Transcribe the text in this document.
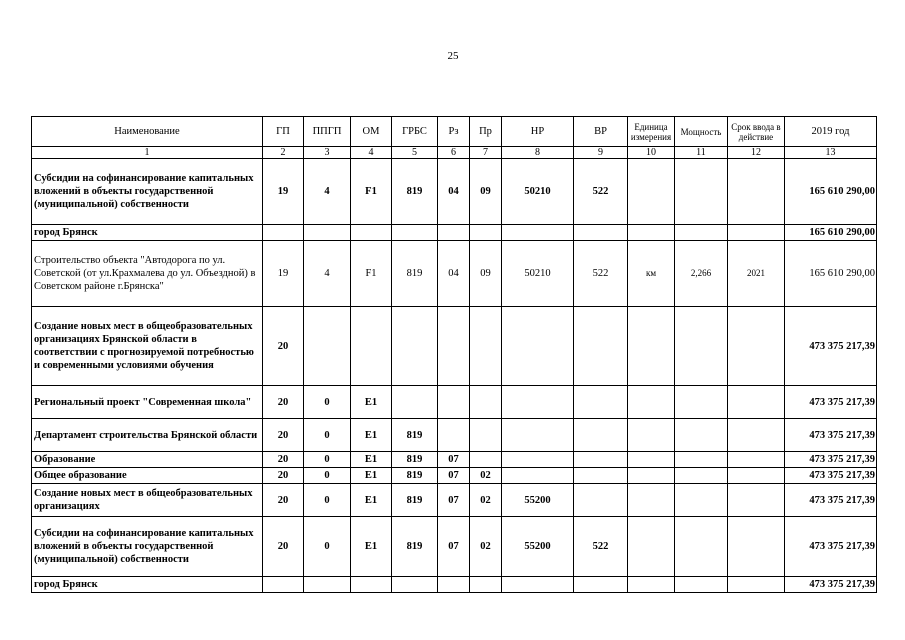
25
Наименование	ГП	ППГП	ОМ	ГРБС	Рз	Пр	НР	ВР	Единица измерения	Мощность	Срок ввода в действие	2019 год
1	2	3	4	5	6	7	8	9	10	11	12	13
Субсидии на софинансирование капитальных вложений в объекты государственной (муниципальной) собственности	19	4	F1	819	04	09	50210	522				165 610 290,00
город Брянск												165 610 290,00
Строительство объекта "Автодорога по ул. Советской (от ул.Крахмалева до ул. Объездной) в Советском районе г.Брянска"	19	4	F1	819	04	09	50210	522	км	2,266	2021	165 610 290,00
Создание новых мест в общеобразовательных организациях Брянской области в соответствии с прогнозируемой потребностью и современными условиями обучения	20											473 375 217,39
Региональный проект "Современная школа"	20	0	E1									473 375 217,39
Департамент строительства Брянской области	20	0	E1	819								473 375 217,39
Образование	20	0	E1	819	07							473 375 217,39
Общее образование	20	0	E1	819	07	02						473 375 217,39
Создание новых мест в общеобразовательных организациях	20	0	E1	819	07	02	55200					473 375 217,39
Субсидии на софинансирование капитальных вложений в объекты государственной (муниципальной) собственности	20	0	E1	819	07	02	55200	522				473 375 217,39
город Брянск												473 375 217,39
